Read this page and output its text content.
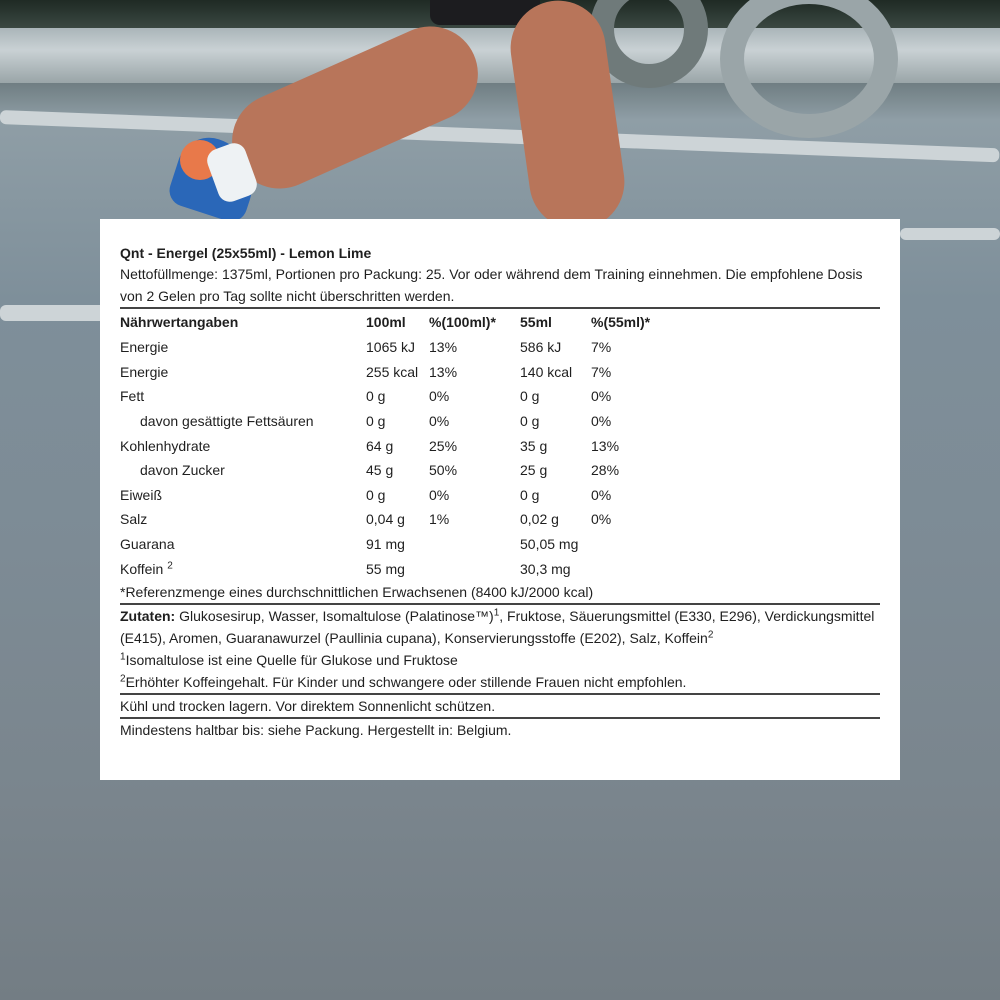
Qnt - Energel (25x55ml) - Lemon Lime

Nettofüllmenge: 1375ml, Portionen pro Packung: 25. Vor oder während dem Training einnehmen. Die empfohlene Dosis von 2 Gelen pro Tag sollte nicht überschritten werden.

Nährwertangaben	100ml	%(100ml)*	55ml	%(55ml)*
Energie	1065 kJ	13%	586 kJ	7%
Energie	255 kcal	13%	140 kcal	7%
Fett	0 g	0%	0 g	0%
davon gesättigte Fettsäuren	0 g	0%	0 g	0%
Kohlenhydrate	64 g	25%	35 g	13%
davon Zucker	45 g	50%	25 g	28%
Eiweiß	0 g	0%	0 g	0%
Salz	0,04 g	1%	0,02 g	0%
Guarana	91 mg		50,05 mg	
Koffein $^2$	55 mg		30,3 mg	

*Referenzmenge eines durchschnittlichen Erwachsenen (8400 kJ/2000 kcal)

Zutaten: Glukosesirup, Wasser, Isomaltulose (Palatinose™)$^1$, Fruktose, Säuerungsmittel (E330, E296), Verdickungsmittel (E415), Aromen, Guaranawurzel (Paullinia cupana), Konservierungsstoffe (E202), Salz, Koffein$^2$

$^1$Isomaltulose ist eine Quelle für Glukose und Fruktose

$^2$Erhöhter Koffeingehalt. Für Kinder und schwangere oder stillende Frauen nicht empfohlen.

Kühl und trocken lagern. Vor direktem Sonnenlicht schützen.

Mindestens haltbar bis: siehe Packung. Hergestellt in: Belgium.
